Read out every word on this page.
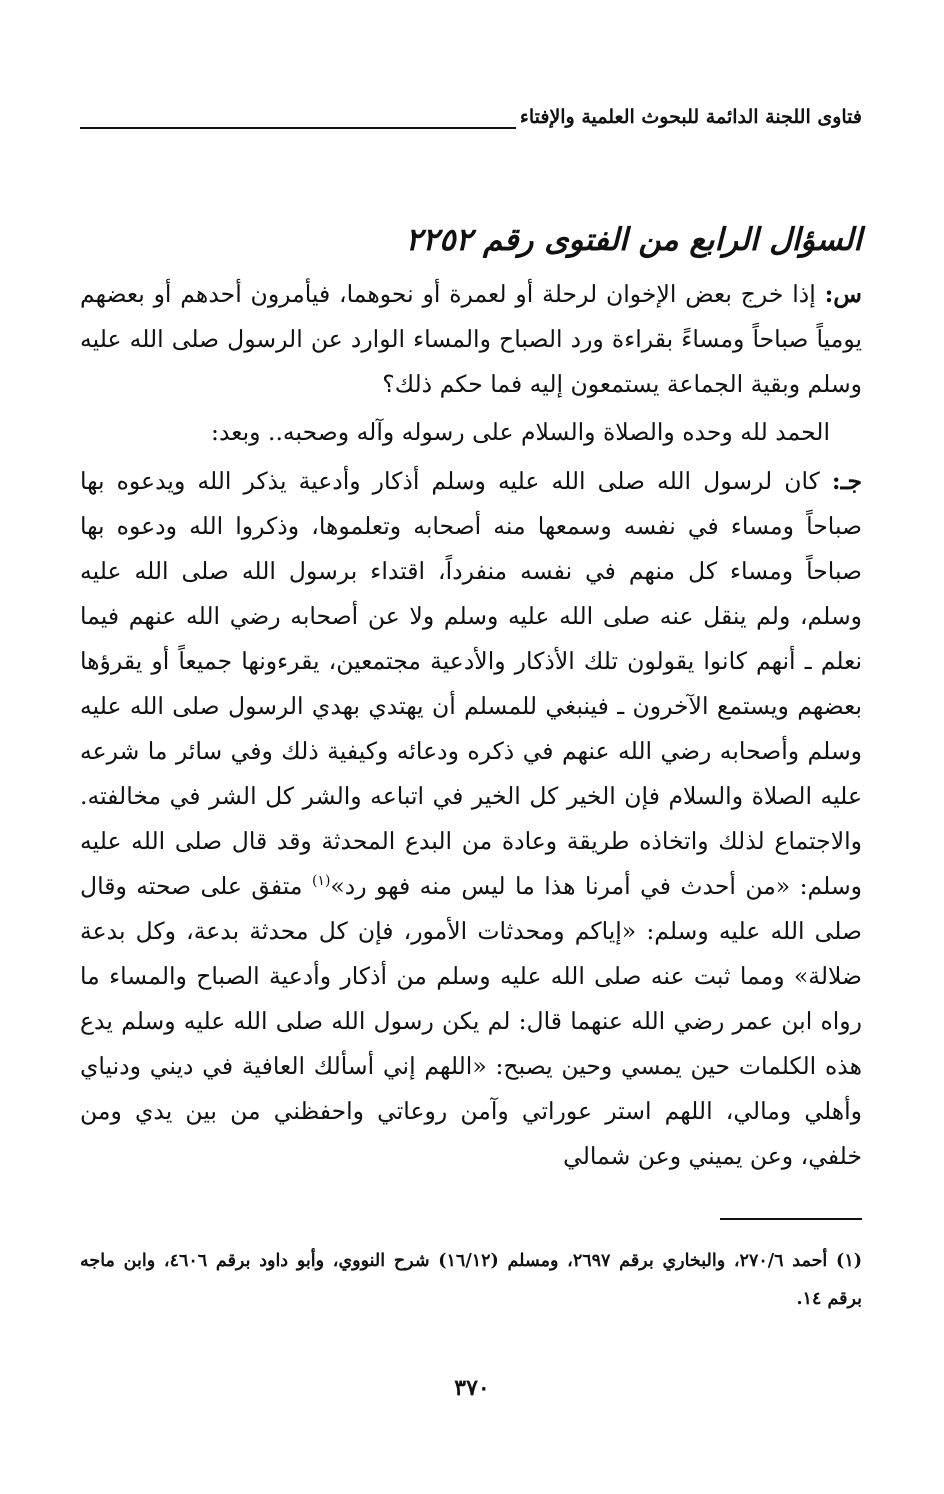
فتاوى اللجنة الدائمة للبحوث العلمية والإفتاء
السؤال الرابع من الفتوى رقم ٢٢٥٢
س: إذا خرج بعض الإخوان لرحلة أو لعمرة أو نحوهما، فيأمرون أحدهم أو بعضهم يومياً صباحاً ومساءً بقراءة ورد الصباح والمساء الوارد عن الرسول صلى الله عليه وسلم وبقية الجماعة يستمعون إليه فما حكم ذلك؟
الحمد لله وحده والصلاة والسلام على رسوله وآله وصحبه.. وبعد:
جـ: كان لرسول الله صلى الله عليه وسلم أذكار وأدعية يذكر الله ويدعوه بها صباحاً ومساء في نفسه وسمعها منه أصحابه وتعلموها، وذكروا الله ودعوه بها صباحاً ومساء كل منهم في نفسه منفرداً، اقتداء برسول الله صلى الله عليه وسلم، ولم ينقل عنه صلى الله عليه وسلم ولا عن أصحابه رضي الله عنهم فيما نعلم ـ أنهم كانوا يقولون تلك الأذكار والأدعية مجتمعين، يقرءونها جميعاً أو يقرؤها بعضهم ويستمع الآخرون ـ فينبغي للمسلم أن يهتدي بهدي الرسول صلى الله عليه وسلم وأصحابه رضي الله عنهم في ذكره ودعائه وكيفية ذلك وفي سائر ما شرعه عليه الصلاة والسلام فإن الخير كل الخير في اتباعه والشر كل الشر في مخالفته. والاجتماع لذلك واتخاذه طريقة وعادة من البدع المحدثة وقد قال صلى الله عليه وسلم: «من أحدث في أمرنا هذا ما ليس منه فهو رد»$^{(١)}$ متفق على صحته وقال صلى الله عليه وسلم: «إياكم ومحدثات الأمور، فإن كل محدثة بدعة، وكل بدعة ضلالة» ومما ثبت عنه صلى الله عليه وسلم من أذكار وأدعية الصباح والمساء ما رواه ابن عمر رضي الله عنهما قال: لم يكن رسول الله صلى الله عليه وسلم يدع هذه الكلمات حين يمسي وحين يصبح: «اللهم إني أسألك العافية في ديني ودنياي وأهلي ومالي، اللهم استر عوراتي وآمن روعاتي واحفظني من بين يدي ومن خلفي، وعن يميني وعن شمالي
(١) أحمد ٢٧٠/٦، والبخاري برقم ٢٦٩٧، ومسلم (١٦/١٢) شرح النووي، وأبو داود برقم ٤٦٠٦، وابن ماجه برقم ١٤.
٣٧٠
